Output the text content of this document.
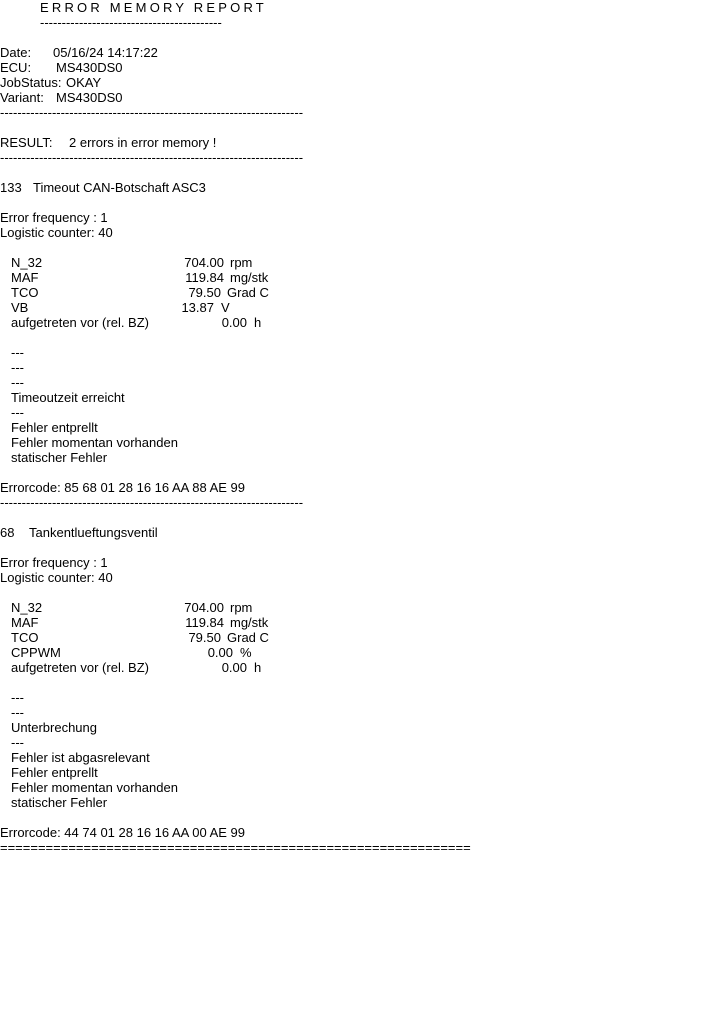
ERROR MEMORY REPORT
------------------------------------------
Date: 05/16/24 14:17:22
ECU: MS430DS0
JobStatus: OKAY
Variant: MS430DS0
----------------------------------------------------------------------
RESULT: 2 errors in error memory !
----------------------------------------------------------------------
133 Timeout CAN-Botschaft ASC3
Error frequency : 1
Logistic counter: 40
N_32	704.00 rpm
MAF	119.84 mg/stk
TCO	79.50 Grad C
VB	13.87 V
aufgetreten vor (rel. BZ)	0.00 h
---
---
---
Timeoutzeit erreicht
---
Fehler entprellt
Fehler momentan vorhanden
statischer Fehler
Errorcode: 85 68 01 28 16 16 AA 88 AE 99
----------------------------------------------------------------------
68 Tankentlueftungsventil
Error frequency : 1
Logistic counter: 40
N_32	704.00 rpm
MAF	119.84 mg/stk
TCO	79.50 Grad C
CPPWM	0.00 %
aufgetreten vor (rel. BZ)	0.00 h
---
---
Unterbrechung
---
Fehler ist abgasrelevant
Fehler entprellt
Fehler momentan vorhanden
statischer Fehler
Errorcode: 44 74 01 28 16 16 AA 00 AE 99
==============================================================
